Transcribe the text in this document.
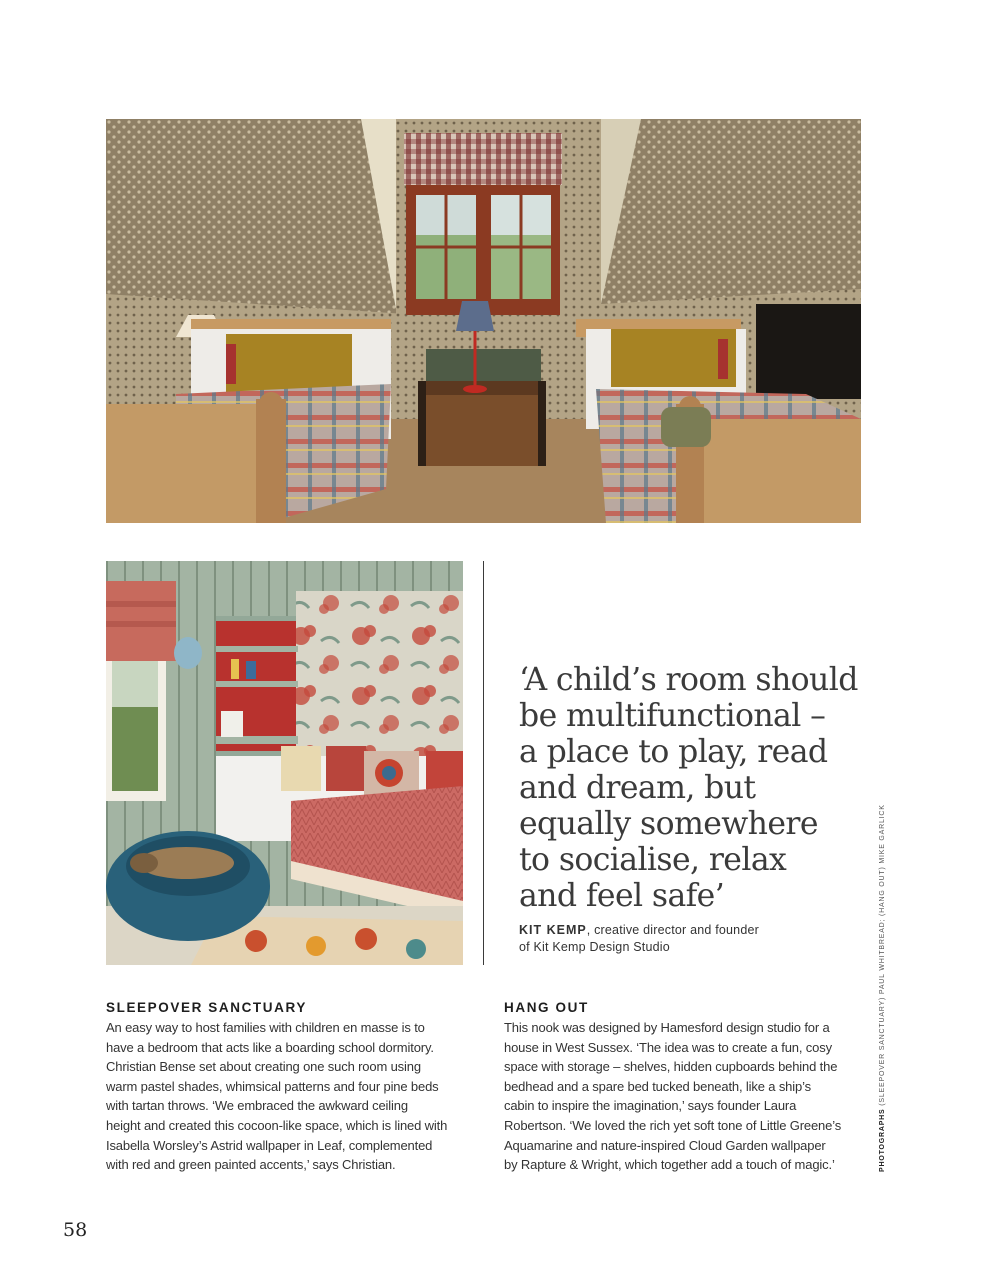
‘A child’s room should
be multifunctional –
a place to play, read
and dream, but
equally somewhere
to socialise, relax
and feel safe’
KIT KEMP, creative director and founder
of Kit Kemp Design Studio
SLEEPOVER SANCTUARY

An easy way to host families with children en masse is to
have a bedroom that acts like a boarding school dormitory.
Christian Bense set about creating one such room using
warm pastel shades, whimsical patterns and four pine beds
with tartan throws. ‘We embraced the awkward ceiling
height and created this cocoon-like space, which is lined with
Isabella Worsley’s Astrid wallpaper in Leaf, complemented
with red and green painted accents,’ says Christian.

HANG OUT

This nook was designed by Hamesford design studio for a
house in West Sussex. ‘The idea was to create a fun, cosy
space with storage – shelves, hidden cupboards behind the
bedhead and a spare bed tucked beneath, like a ship’s
cabin to inspire the imagination,’ says founder Laura
Robertson. ‘We loved the rich yet soft tone of Little Greene’s
Aquamarine and nature-inspired Cloud Garden wallpaper
by Rapture & Wright, which together add a touch of magic.’	PHOTOGRAPHS (SLEEPOVER SANCTUARY) PAUL WHITBREAD; (HANG OUT) MIKE GARLICK
58
